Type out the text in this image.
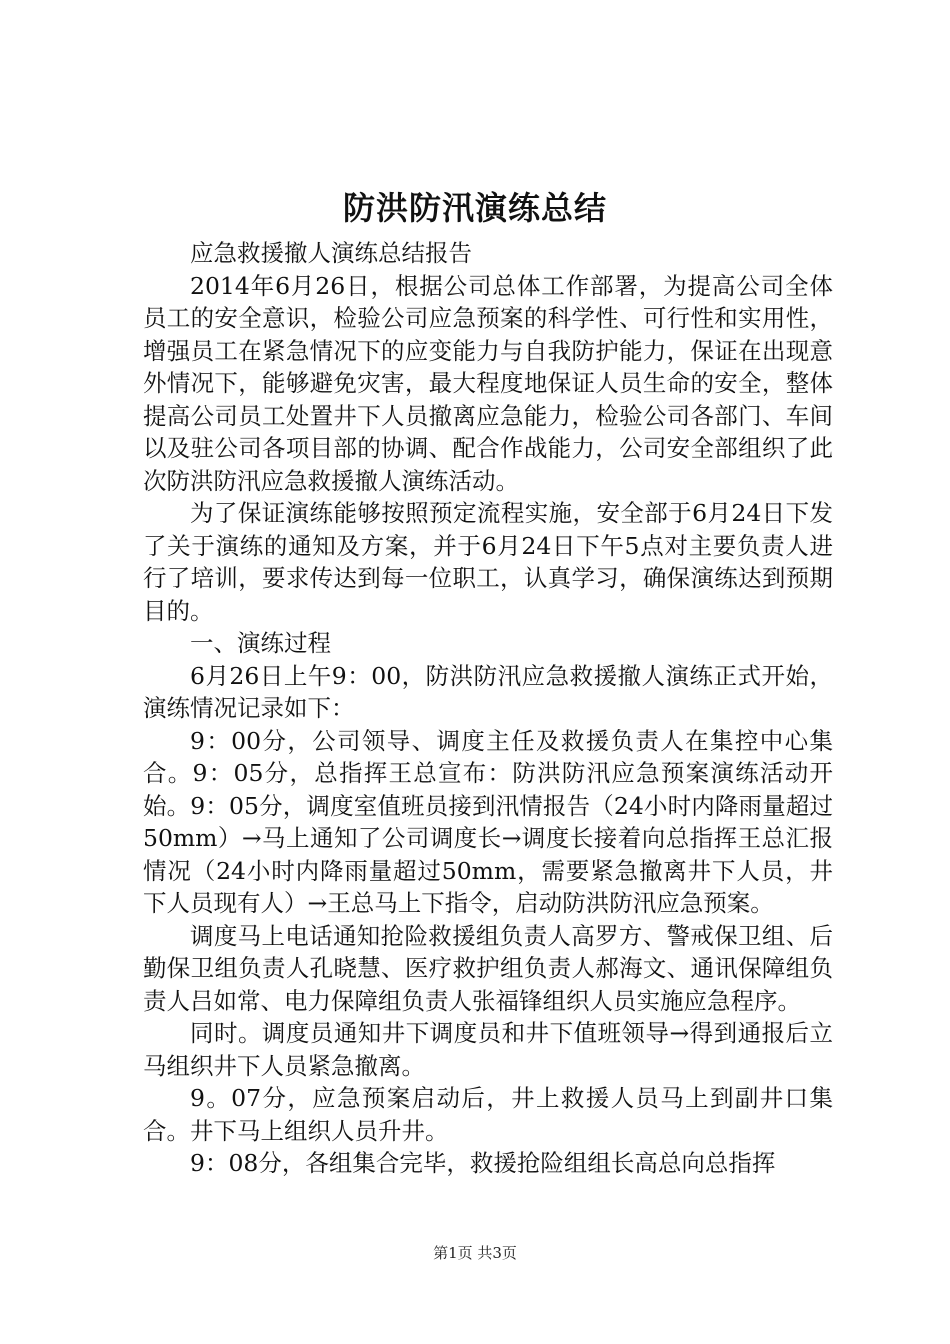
防洪防汛演练总结

应急救援撤人演练总结报告

2014年6月26日，根据公司总体工作部署，为提高公司全体员工的安全意识，检验公司应急预案的科学性、可行性和实用性，增强员工在紧急情况下的应变能力与自我防护能力，保证在出现意外情况下，能够避免灾害，最大程度地保证人员生命的安全，整体提高公司员工处置井下人员撤离应急能力，检验公司各部门、车间以及驻公司各项目部的协调、配合作战能力，公司安全部组织了此次防洪防汛应急救援撤人演练活动。

为了保证演练能够按照预定流程实施，安全部于6月24日下发了关于演练的通知及方案，并于6月24日下午5点对主要负责人进行了培训，要求传达到每一位职工，认真学习，确保演练达到预期目的。

一、演练过程

6月26日上午9：00，防洪防汛应急救援撤人演练正式开始，演练情况记录如下：

9：00分，公司领导、调度主任及救援负责人在集控中心集合。9：05分，总指挥王总宣布：防洪防汛应急预案演练活动开始。9：05分，调度室值班员接到汛情报告（24小时内降雨量超过50mm）→马上通知了公司调度长→调度长接着向总指挥王总汇报情况（24小时内降雨量超过50mm，需要紧急撤离井下人员，井下人员现有人）→王总马上下指令，启动防洪防汛应急预案。

调度马上电话通知抢险救援组负责人高罗方、警戒保卫组、后勤保卫组负责人孔晓慧、医疗救护组负责人郝海文、通讯保障组负责人吕如常、电力保障组负责人张福锋组织人员实施应急程序。

同时。调度员通知井下调度员和井下值班领导→得到通报后立马组织井下人员紧急撤离。

9。07分，应急预案启动后，井上救援人员马上到副井口集合。井下马上组织人员升井。

9：08分，各组集合完毕，救援抢险组组长高总向总指挥

第1页 共3页
